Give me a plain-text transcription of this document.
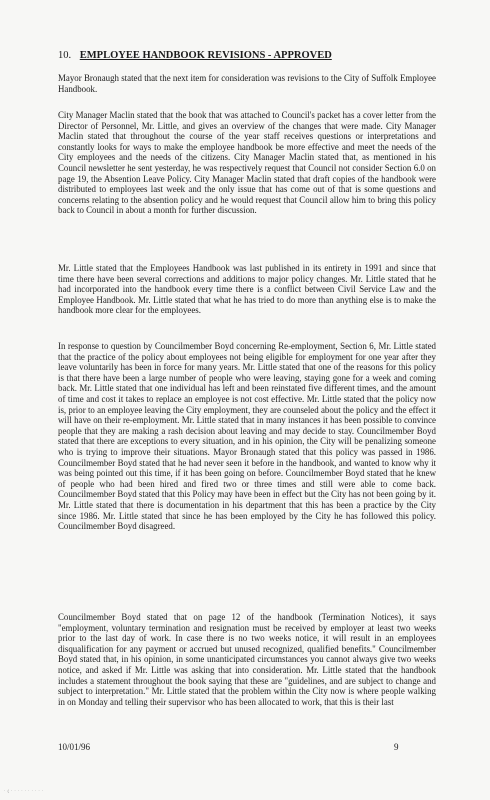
10. EMPLOYEE HANDBOOK REVISIONS - APPROVED

Mayor Bronaugh stated that the next item for consideration was revisions to the City of Suffolk Employee Handbook.

City Manager Maclin stated that the book that was attached to Council's packet has a cover letter from the Director of Personnel, Mr. Little, and gives an overview of the changes that were made. City Manager Maclin stated that throughout the course of the year staff receives questions or interpretations and constantly looks for ways to make the employee handbook be more effective and meet the needs of the City employees and the needs of the citizens. City Manager Maclin stated that, as mentioned in his Council newsletter he sent yesterday, he was respectively request that Council not consider Section 6.0 on page 19, the Absention Leave Policy. City Manager Maclin stated that draft copies of the handbook were distributed to employees last week and the only issue that has come out of that is some questions and concerns relating to the absention policy and he would request that Council allow him to bring this policy back to Council in about a month for further discussion.

Mr. Little stated that the Employees Handbook was last published in its entirety in 1991 and since that time there have been several corrections and additions to major policy changes. Mr. Little stated that he had incorporated into the handbook every time there is a conflict between Civil Service Law and the Employee Handbook. Mr. Little stated that what he has tried to do more than anything else is to make the handbook more clear for the employees.

In response to question by Councilmember Boyd concerning Re-employment, Section 6, Mr. Little stated that the practice of the policy about employees not being eligible for employment for one year after they leave voluntarily has been in force for many years. Mr. Little stated that one of the reasons for this policy is that there have been a large number of people who were leaving, staying gone for a week and coming back. Mr. Little stated that one individual has left and been reinstated five different times, and the amount of time and cost it takes to replace an employee is not cost effective. Mr. Little stated that the policy now is, prior to an employee leaving the City employment, they are counseled about the policy and the effect it will have on their re-employment. Mr. Little stated that in many instances it has been possible to convince people that they are making a rash decision about leaving and may decide to stay. Councilmember Boyd stated that there are exceptions to every situation, and in his opinion, the City will be penalizing someone who is trying to improve their situations. Mayor Bronaugh stated that this policy was passed in 1986. Councilmember Boyd stated that he had never seen it before in the handbook, and wanted to know why it was being pointed out this time, if it has been going on before. Councilmember Boyd stated that he knew of people who had been hired and fired two or three times and still were able to come back. Councilmember Boyd stated that this Policy may have been in effect but the City has not been going by it. Mr. Little stated that there is documentation in his department that this has been a practice by the City since 1986. Mr. Little stated that since he has been employed by the City he has followed this policy. Councilmember Boyd disagreed.

Councilmember Boyd stated that on page 12 of the handbook (Termination Notices), it says "employment, voluntary termination and resignation must be received by employer at least two weeks prior to the last day of work. In case there is no two weeks notice, it will result in an employees disqualification for any payment or accrued but unused recognized, qualified benefits." Councilmember Boyd stated that, in his opinion, in some unanticipated circumstances you cannot always give two weeks notice, and asked if Mr. Little was asking that into consideration. Mr. Little stated that the handbook includes a statement throughout the book saying that these are "guidelines, and are subject to change and subject to interpretation." Mr. Little stated that the problem within the City now is where people walking in on Monday and telling their supervisor who has been allocated to work, that this is their last

10/01/96	9
· ( · · · · · · · · · ·
